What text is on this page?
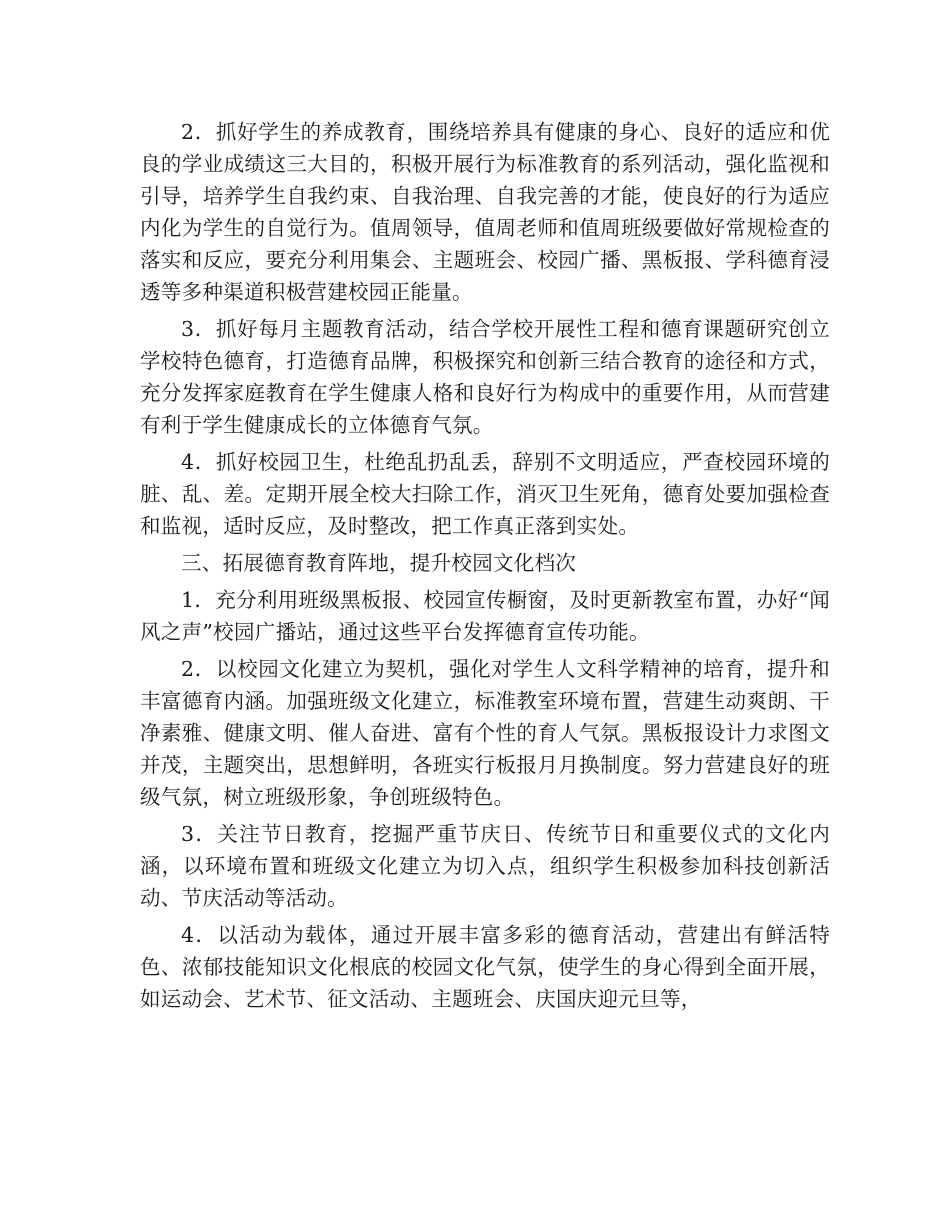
2．抓好学生的养成教育，围绕培养具有健康的身心、良好的适应和优良的学业成绩这三大目的，积极开展行为标准教育的系列活动，强化监视和引导，培养学生自我约束、自我治理、自我完善的才能，使良好的行为适应内化为学生的自觉行为。值周领导，值周老师和值周班级要做好常规检查的落实和反应，要充分利用集会、主题班会、校园广播、黑板报、学科德育浸透等多种渠道积极营建校园正能量。

3．抓好每月主题教育活动，结合学校开展性工程和德育课题研究创立学校特色德育，打造德育品牌，积极探究和创新三结合教育的途径和方式，充分发挥家庭教育在学生健康人格和良好行为构成中的重要作用，从而营建有利于学生健康成长的立体德育气氛。

4．抓好校园卫生，杜绝乱扔乱丢，辞别不文明适应，严查校园环境的脏、乱、差。定期开展全校大扫除工作，消灭卫生死角，德育处要加强检查和监视，适时反应，及时整改，把工作真正落到实处。

三、拓展德育教育阵地，提升校园文化档次

1．充分利用班级黑板报、校园宣传橱窗，及时更新教室布置，办好“闻风之声”校园广播站，通过这些平台发挥德育宣传功能。

2．以校园文化建立为契机，强化对学生人文科学精神的培育，提升和丰富德育内涵。加强班级文化建立，标准教室环境布置，营建生动爽朗、干净素雅、健康文明、催人奋进、富有个性的育人气氛。黑板报设计力求图文并茂，主题突出，思想鲜明，各班实行板报月月换制度。努力营建良好的班级气氛，树立班级形象，争创班级特色。

3．关注节日教育，挖掘严重节庆日、传统节日和重要仪式的文化内涵，以环境布置和班级文化建立为切入点，组织学生积极参加科技创新活动、节庆活动等活动。

4．以活动为载体，通过开展丰富多彩的德育活动，营建出有鲜活特色、浓郁技能知识文化根底的校园文化气氛，使学生的身心得到全面开展，如运动会、艺术节、征文活动、主题班会、庆国庆迎元旦等，
